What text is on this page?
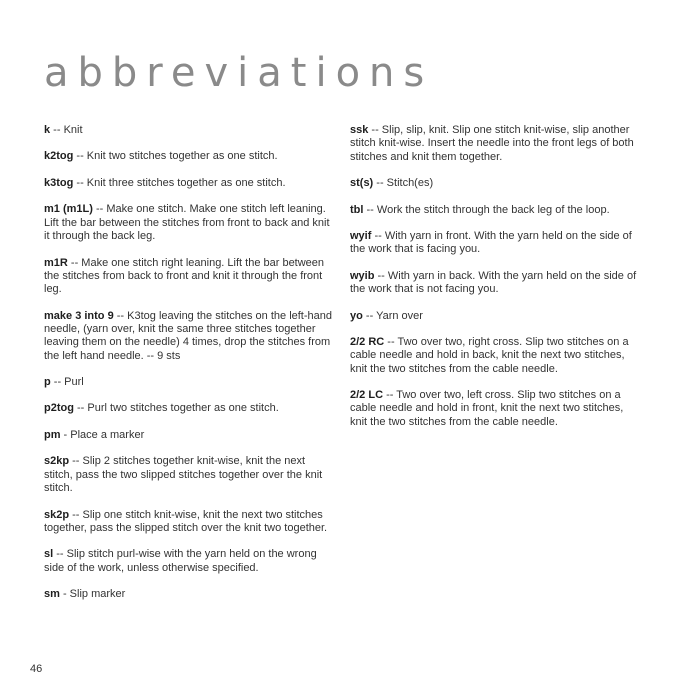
abbreviations

k -- Knit

k2tog -- Knit two stitches together as one stitch.

k3tog -- Knit three stitches together as one stitch.

m1 (m1L) -- Make one stitch. Make one stitch left leaning. Lift the bar between the stitches from front to back and knit it through the back leg.

m1R -- Make one stitch right leaning. Lift the bar between the stitches from back to front and knit it through the front leg.

make 3 into 9 -- K3tog leaving the stitches on the left-hand needle, (yarn over, knit the same three stitches together leaving them on the needle) 4 times, drop the stitches from the left hand needle. -- 9 sts

p -- Purl

p2tog -- Purl two stitches together as one stitch.

pm - Place a marker

s2kp -- Slip 2 stitches together knit-wise, knit the next stitch, pass the two slipped stitches together over the knit stitch.

sk2p -- Slip one stitch knit-wise, knit the next two stitches together, pass the slipped stitch over the knit two together.

sl -- Slip stitch purl-wise with the yarn held on the wrong side of the work, unless otherwise specified.

sm - Slip marker

ssk -- Slip, slip, knit. Slip one stitch knit-wise, slip another stitch knit-wise. Insert the needle into the front legs of both stitches and knit them together.

st(s) -- Stitch(es)

tbl -- Work the stitch through the back leg of the loop.

wyif -- With yarn in front. With the yarn held on the side of the work that is facing you.

wyib -- With yarn in back. With the yarn held on the side of the work that is not facing you.

yo -- Yarn over

2/2 RC -- Two over two, right cross. Slip two stitches on a cable needle and hold in back, knit the next two stitches, knit the two stitches from the cable needle.

2/2 LC -- Two over two, left cross. Slip two stitches on a cable needle and hold in front, knit the next two stitches, knit the two stitches from the cable needle.

46
